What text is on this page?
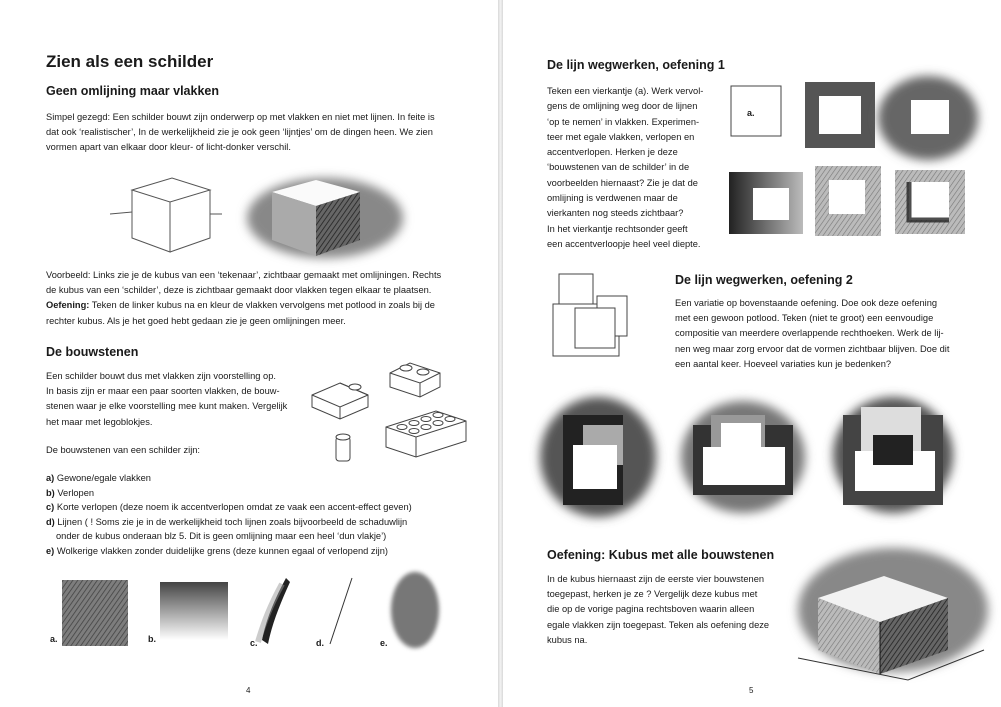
Zien als een schilder
Geen omlijning maar vlakken

Simpel gezegd: Een schilder bouwt zijn onderwerp op met vlakken en niet met lijnen. In feite is

dat ook ‘realistischer’, In de werkelijkheid zie je ook geen ‘lijntjes’ om de dingen heen. We zien

vormen apart van elkaar door kleur- of licht-donker verschil.

Voorbeeld: Links zie je de kubus van een ‘tekenaar’, zichtbaar gemaakt met omlijningen. Rechts

de kubus van een ‘schilder’, deze is zichtbaar gemaakt door vlakken tegen elkaar te plaatsen.

Oefening: Teken de linker kubus na en kleur de vlakken vervolgens met potlood in zoals bij de

rechter kubus. Als je het goed hebt gedaan zie je geen omlijningen meer.

De bouwstenen

Een schilder bouwt dus met vlakken zijn voorstelling op.

In basis zijn er maar een paar soorten vlakken, de bouw-

stenen waar je elke voorstelling mee kunt maken. Vergelijk

het maar met legoblokjes.

De bouwstenen van een schilder zijn:
a) Gewone/egale vlakken
b) Verlopen
c) Korte verlopen (deze noem ik accentverlopen omdat ze vaak een accent-effect geven)
d) Lijnen ( ! Soms zie je in de werkelijkheid toch lijnen zoals bijvoorbeeld de schaduwlijn
onder de kubus onderaan blz 5. Dit is geen omlijning maar een heel ‘dun vlakje’)
e) Wolkerige vlakken zonder duidelijke grens (deze kunnen egaal of verlopend zijn)
a.	b.	c.	d.	e.
4
De lijn wegwerken, oefening 1

Teken een vierkantje (a). Werk vervol-

gens de omlijning weg door de lijnen

‘op te nemen’ in vlakken. Experimen-

teer met egale vlakken, verlopen en

accentverlopen. Herken je deze

‘bouwstenen van de schilder’ in de

voorbeelden hiernaast? Zie je dat de

omlijning is verdwenen maar de

vierkanten nog steeds zichtbaar?

In het vierkantje rechtsonder geeft

een accentverloopje heel veel diepte.

a.
De lijn wegwerken, oefening 2

Een variatie op bovenstaande oefening. Doe ook deze oefening

met een gewoon potlood. Teken (niet te groot) een eenvoudige

compositie van meerdere overlappende rechthoeken. Werk de lij-

nen weg maar zorg ervoor dat de vormen zichtbaar blijven. Doe dit

een aantal keer. Hoeveel variaties kun je bedenken?

Oefening: Kubus met alle bouwstenen

In de kubus hiernaast zijn de eerste vier bouwstenen

toegepast, herken je ze ? Vergelijk deze kubus met

die op de vorige pagina rechtsboven waarin alleen

egale vlakken zijn toegepast. Teken als oefening deze

kubus na.

5
